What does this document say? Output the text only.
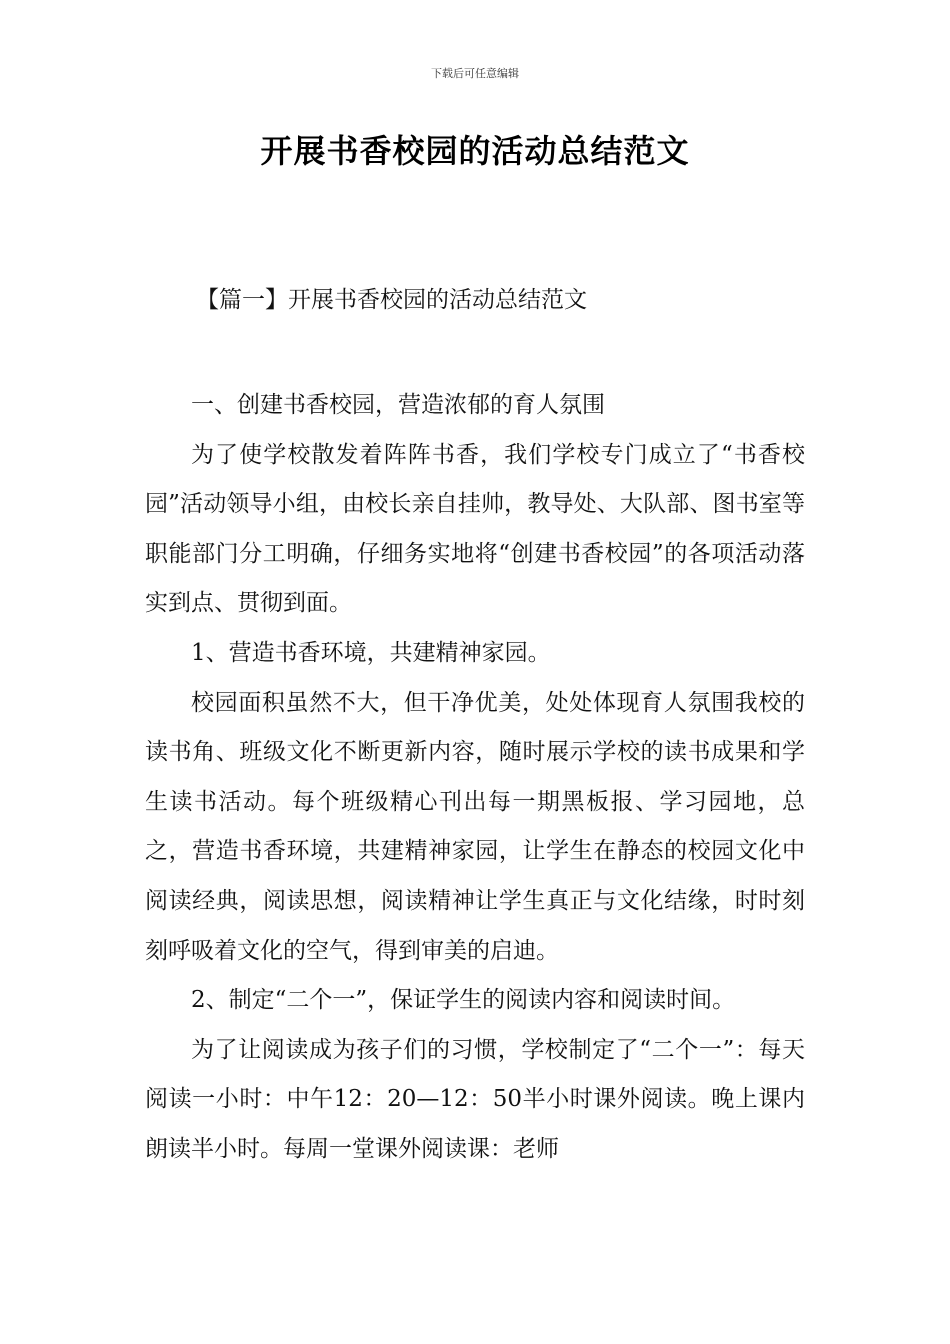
下载后可任意编辑
开展书香校园的活动总结范文
【篇一】开展书香校园的活动总结范文

一、创建书香校园，营造浓郁的育人氛围

为了使学校散发着阵阵书香，我们学校专门成立了“书香校园”活动领导小组，由校长亲自挂帅，教导处、大队部、图书室等职能部门分工明确，仔细务实地将“创建书香校园”的各项活动落实到点、贯彻到面。

1、营造书香环境，共建精神家园。

校园面积虽然不大，但干净优美，处处体现育人氛围我校的读书角、班级文化不断更新内容，随时展示学校的读书成果和学生读书活动。每个班级精心刊出每一期黑板报、学习园地，总之，营造书香环境，共建精神家园，让学生在静态的校园文化中阅读经典，阅读思想，阅读精神让学生真正与文化结缘，时时刻刻呼吸着文化的空气，得到审美的启迪。

2、制定“二个一”，保证学生的阅读内容和阅读时间。

为了让阅读成为孩子们的习惯，学校制定了“二个一”：每天阅读一小时：中午12：20—12：50半小时课外阅读。晚上课内朗读半小时。每周一堂课外阅读课：老师
